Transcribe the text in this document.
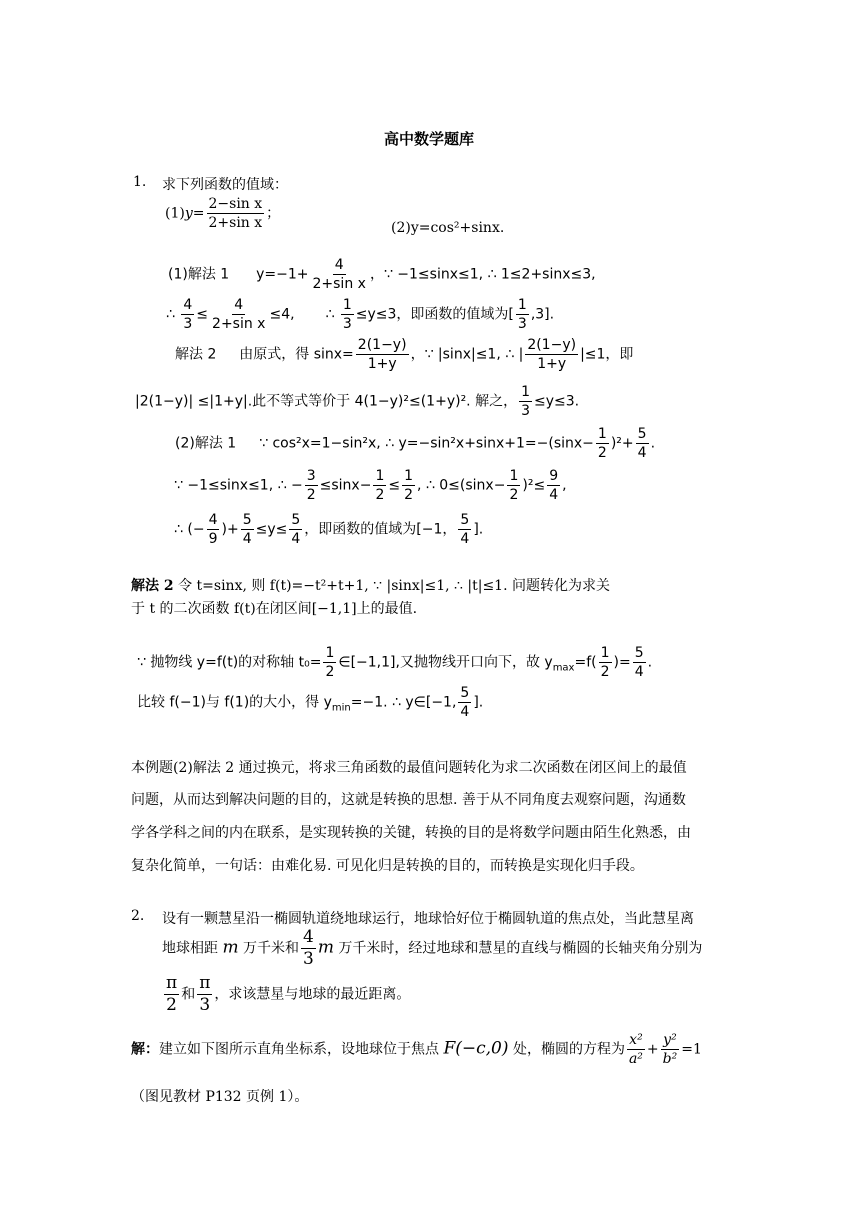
高中数学题库
1. 求下列函数的值域：
$(1)y= \frac{\text{2−sin x}}{\text{2+sin x}}$ ；
(2)y=cos²+sinx.
(1)解法 1 $y=-1+ \frac{4}{\text{2+sin x}}$ ，∵ −1≤sinx≤1, ∴ 1≤2+sinx≤3,
∴ $\frac{4}{3} \le \frac{4}{\text{2+sin x}} \le 4$, ∴ $\frac{1}{3} \le y\le 3$，即函数的值域为[ $\frac{1}{3} ,3$].
解法 2 由原式，得 $\sin x= \frac{2(1-y)}{1+y}$ ，∵ |sinx|≤1, ∴ | $\frac{2(1-y)}{1+y} |\le 1$，即
|2(1−y)| ≤|1+y|.此不等式等价于 4(1−y)²≤(1+y)². 解之， $\frac{1}{3} \le y\le 3$.
(2)解法 1 ∵ cos²x=1−sin²x, ∴ $y=-\sin^2x+\sin x+1=-(\sin x- \frac{1}{2} )^2+ \frac{5}{4}$ .
∵ −1≤sinx≤1, ∴ − $\frac{3}{2} \le\sin x- \frac{1}{2} \le \frac{1}{2}$ , ∴ $0\le(\sin x- \frac{1}{2} )^2\le \frac{9}{4}$ ,
∴ (− $\frac{4}{9}$ )+ $\frac{5}{4} \le y\le \frac{5}{4}$ ，即函数的值域为[−1， $\frac{5}{4}$ ].
解法 2 令 t=sinx, 则 f(t)=−t²+t+1, ∵ |sinx|≤1, ∴ |t|≤1. 问题转化为求关
于 t 的二次函数 f(t)在闭区间[−1,1]上的最值.
∵ 抛物线 y=f(t)的对称轴 $t_0= \frac{1}{2}$ ∈[−1,1],又抛物线开口向下，故 $y_{max}=f( \frac{1}{2}$ )= $\frac{5}{4}$ .
比较 f(−1)与 f(1)的大小，得 $y_{min}=-1$. ∴ y∈[−1, $\frac{5}{4}$ ].
本例题(2)解法 2 通过换元，将求三角函数的最值问题转化为求二次函数在闭区间上的最值
问题，从而达到解决问题的目的，这就是转换的思想. 善于从不同角度去观察问题，沟通数
学各学科之间的内在联系，是实现转换的关键，转换的目的是将数学问题由陌生化熟悉，由
复杂化简单，一句话：由难化易. 可见化归是转换的目的，而转换是实现化归手段。
2. 设有一颗慧星沿一椭圆轨道绕地球运行，地球恰好位于椭圆轨道的焦点处，当此慧星离
地球相距 m 万千米和 $\frac{4}{3}$ m 万千米时，经过地球和慧星的直线与椭圆的长轴夹角分别为
$\frac{\pi}{2}$ 和 $\frac{\pi}{3}$ ，求该慧星与地球的最近距离。
解：建立如下图所示直角坐标系，设地球位于焦点 F(−c,0) 处，椭圆的方程为 $\frac{\text{x²}}{\text{a²}} + \frac{\text{y²}}{\text{b²}} =1$
（图见教材 P132 页例 1）。
